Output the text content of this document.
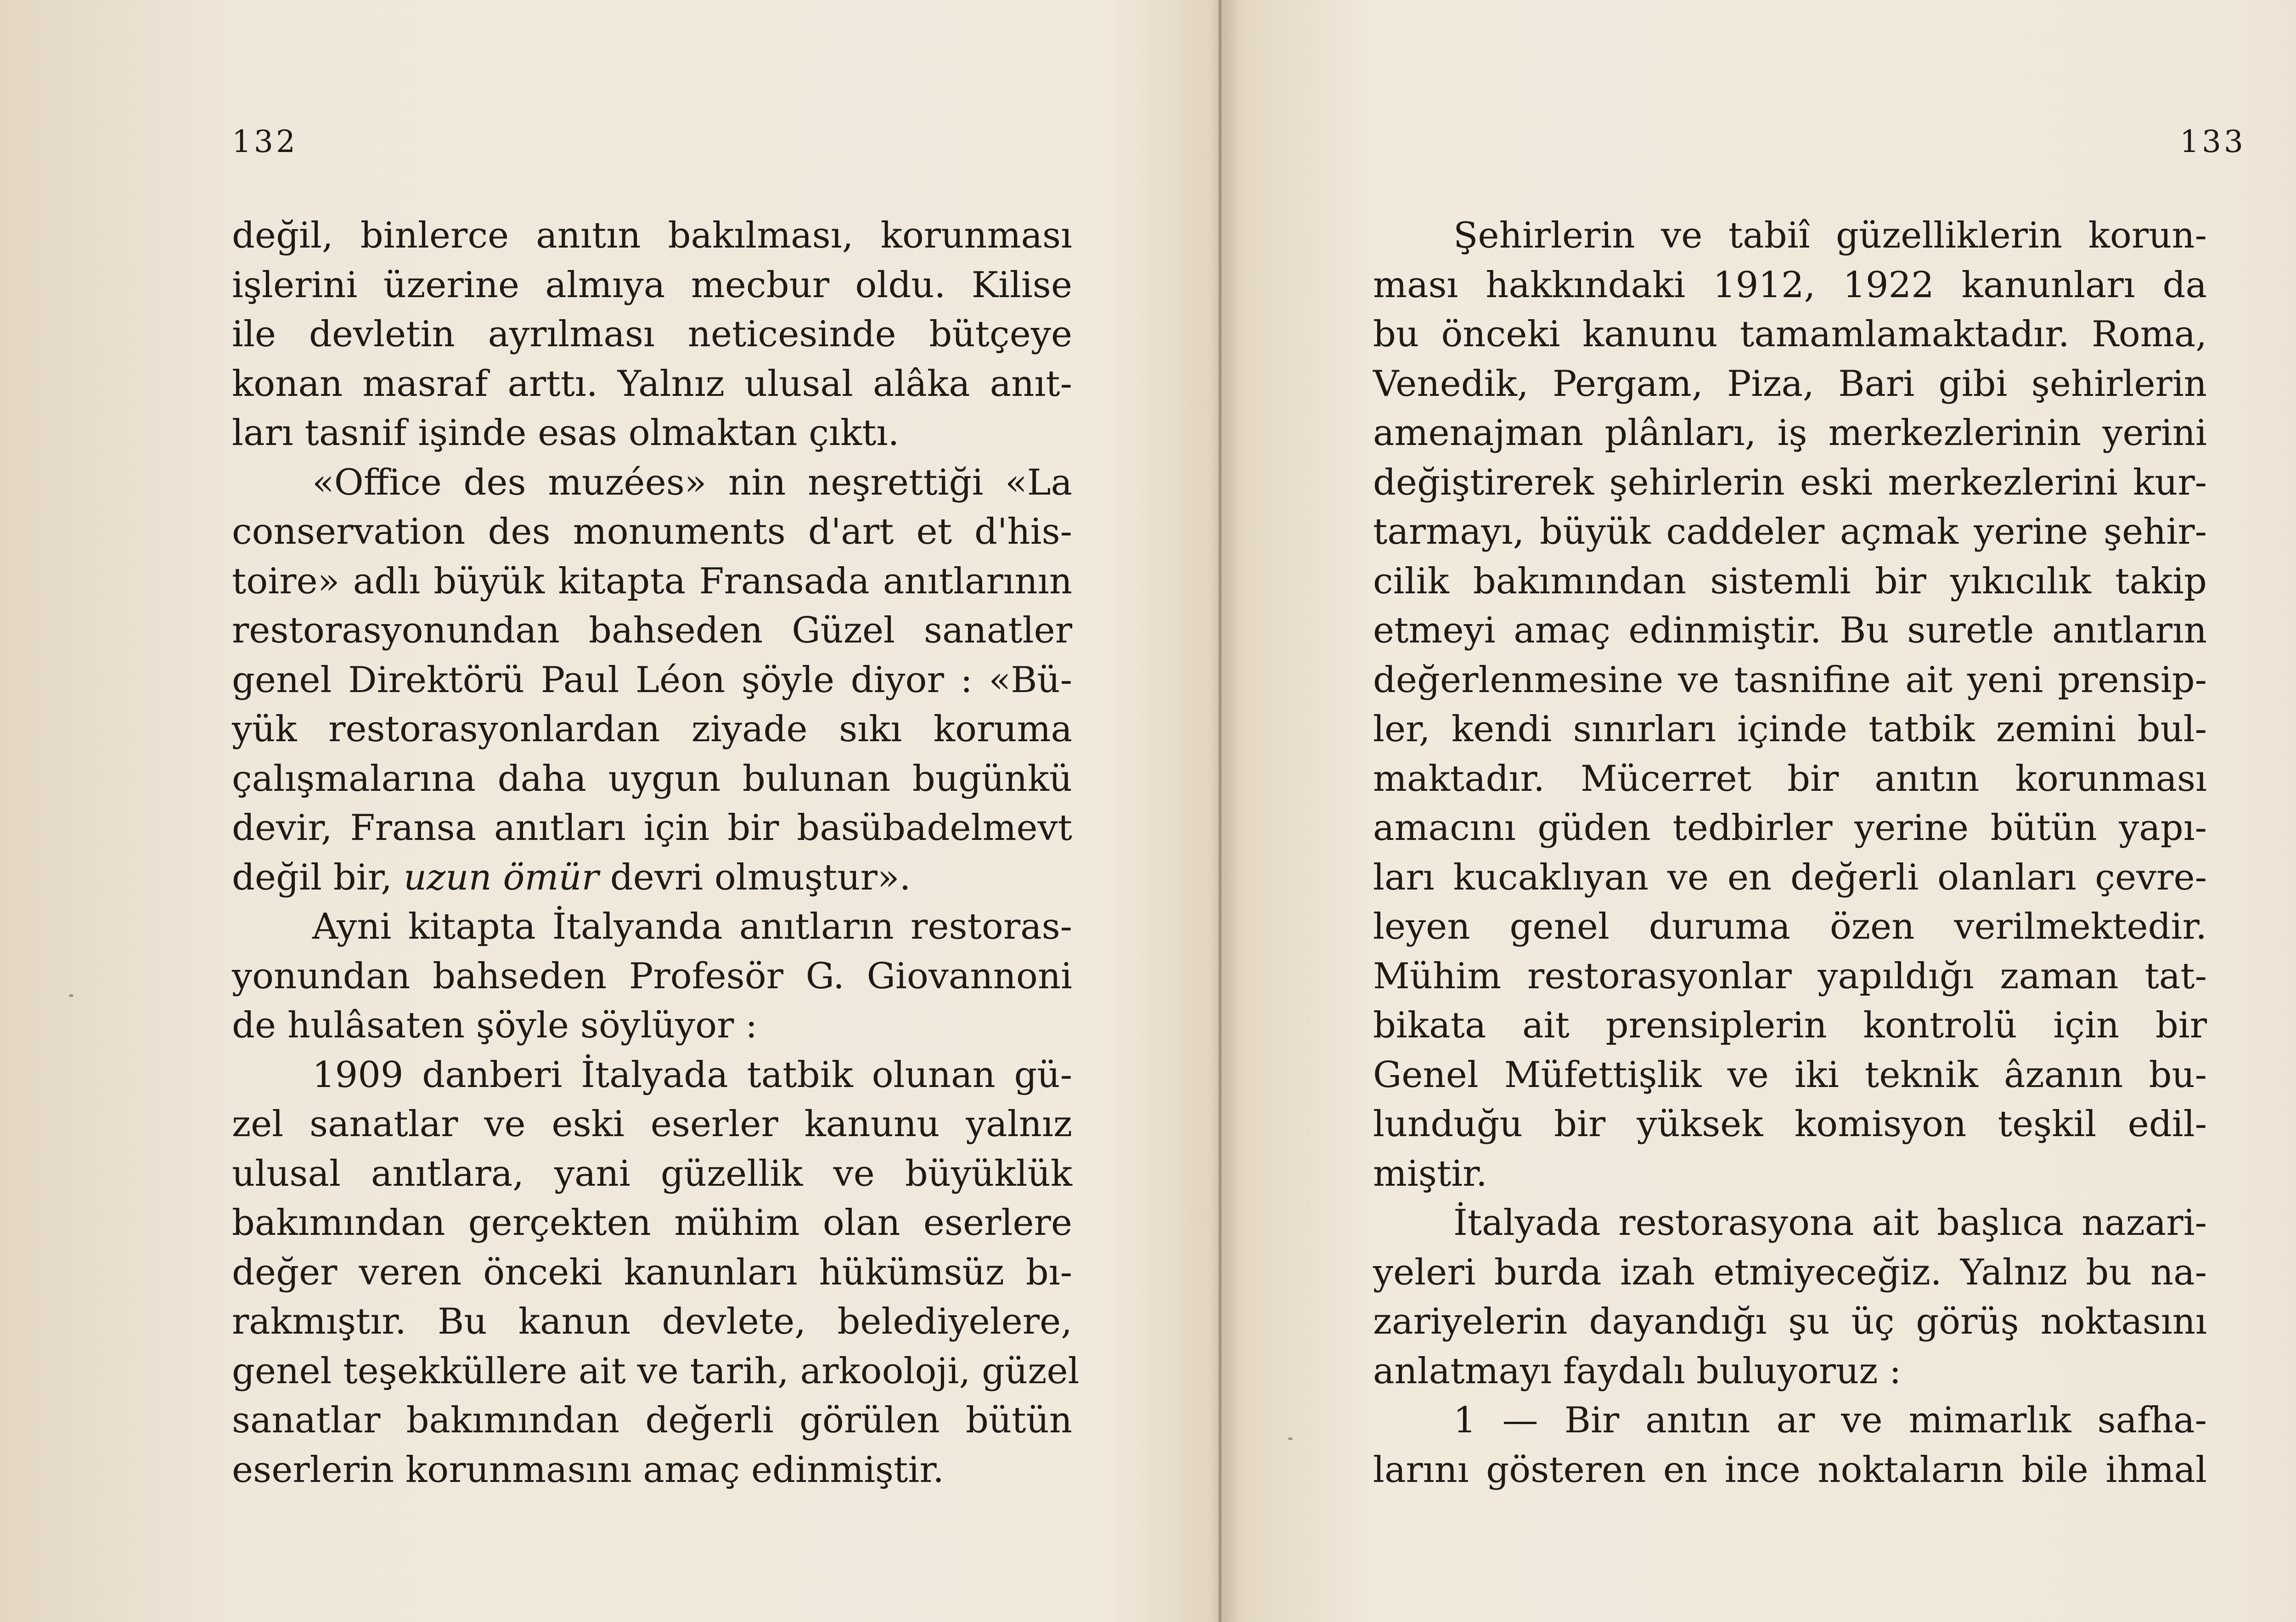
132
değil, binlerce anıtın bakılması, korunması
işlerini üzerine almıya mecbur oldu. Kilise
ile devletin ayrılması neticesinde bütçeye
konan masraf arttı. Yalnız ulusal alâka anıt-
ları tasnif işinde esas olmaktan çıktı.
«Office des muzées» nin neşrettiği «La
conservation des monuments d'art et d'his-
toire» adlı büyük kitapta Fransada anıtlarının
restorasyonundan bahseden Güzel sanatler
genel Direktörü Paul Léon şöyle diyor : «Bü-
yük restorasyonlardan ziyade sıkı koruma
çalışmalarına daha uygun bulunan bugünkü
devir, Fransa anıtları için bir basübadelmevt
değil bir, uzun ömür devri olmuştur».
Ayni kitapta İtalyanda anıtların restoras-
yonundan bahseden Profesör G. Giovannoni
de hulâsaten şöyle söylüyor :
1909 danberi İtalyada tatbik olunan gü-
zel sanatlar ve eski eserler kanunu yalnız
ulusal anıtlara, yani güzellik ve büyüklük
bakımından gerçekten mühim olan eserlere
değer veren önceki kanunları hükümsüz bı-
rakmıştır. Bu kanun devlete, belediyelere,
genel teşekküllere ait ve tarih, arkooloji, güzel
sanatlar bakımından değerli görülen bütün
eserlerin korunmasını amaç edinmiştir.
133
Şehirlerin ve tabiî güzelliklerin korun-
ması hakkındaki 1912, 1922 kanunları da
bu önceki kanunu tamamlamaktadır. Roma,
Venedik, Pergam, Piza, Bari gibi şehirlerin
amenajman plânları, iş merkezlerinin yerini
değiştirerek şehirlerin eski merkezlerini kur-
tarmayı, büyük caddeler açmak yerine şehir-
cilik bakımından sistemli bir yıkıcılık takip
etmeyi amaç edinmiştir. Bu suretle anıtların
değerlenmesine ve tasnifine ait yeni prensip-
ler, kendi sınırları içinde tatbik zemini bul-
maktadır. Mücerret bir anıtın korunması
amacını güden tedbirler yerine bütün yapı-
ları kucaklıyan ve en değerli olanları çevre-
leyen genel duruma özen verilmektedir.
Mühim restorasyonlar yapıldığı zaman tat-
bikata ait prensiplerin kontrolü için bir
Genel Müfettişlik ve iki teknik âzanın bu-
lunduğu bir yüksek komisyon teşkil edil-
miştir.
İtalyada restorasyona ait başlıca nazari-
yeleri burda izah etmiyeceğiz. Yalnız bu na-
zariyelerin dayandığı şu üç görüş noktasını
anlatmayı faydalı buluyoruz :
1 — Bir anıtın ar ve mimarlık safha-
larını gösteren en ince noktaların bile ihmal
